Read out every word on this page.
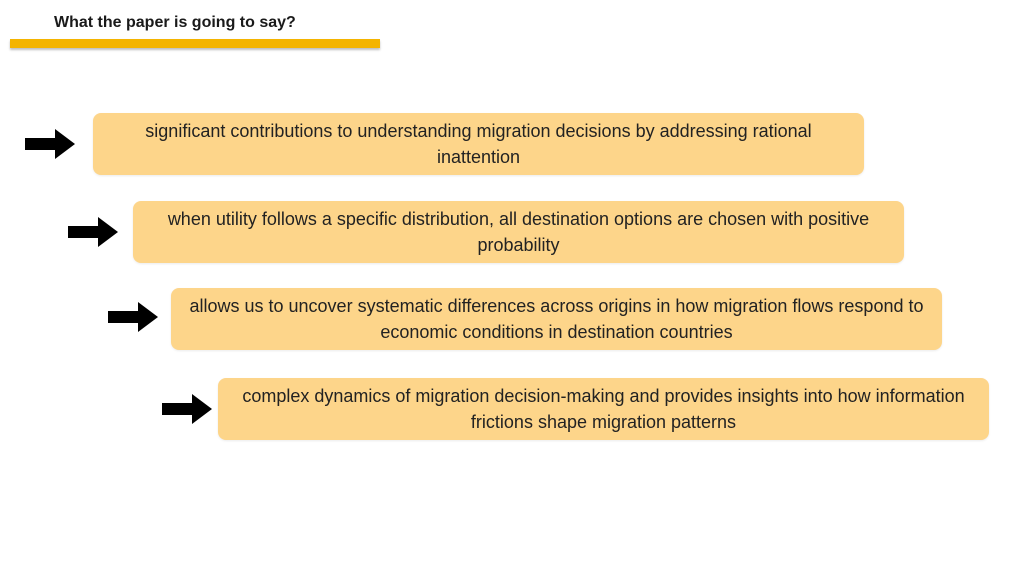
What the paper is going to say?
significant contributions to understanding migration decisions by addressing rational inattention
when utility follows a specific distribution, all destination options are chosen with positive probability
allows us to uncover systematic differences across origins in how migration flows respond to economic conditions in destination countries
complex dynamics of migration decision-making and provides insights into how information frictions shape migration patterns
